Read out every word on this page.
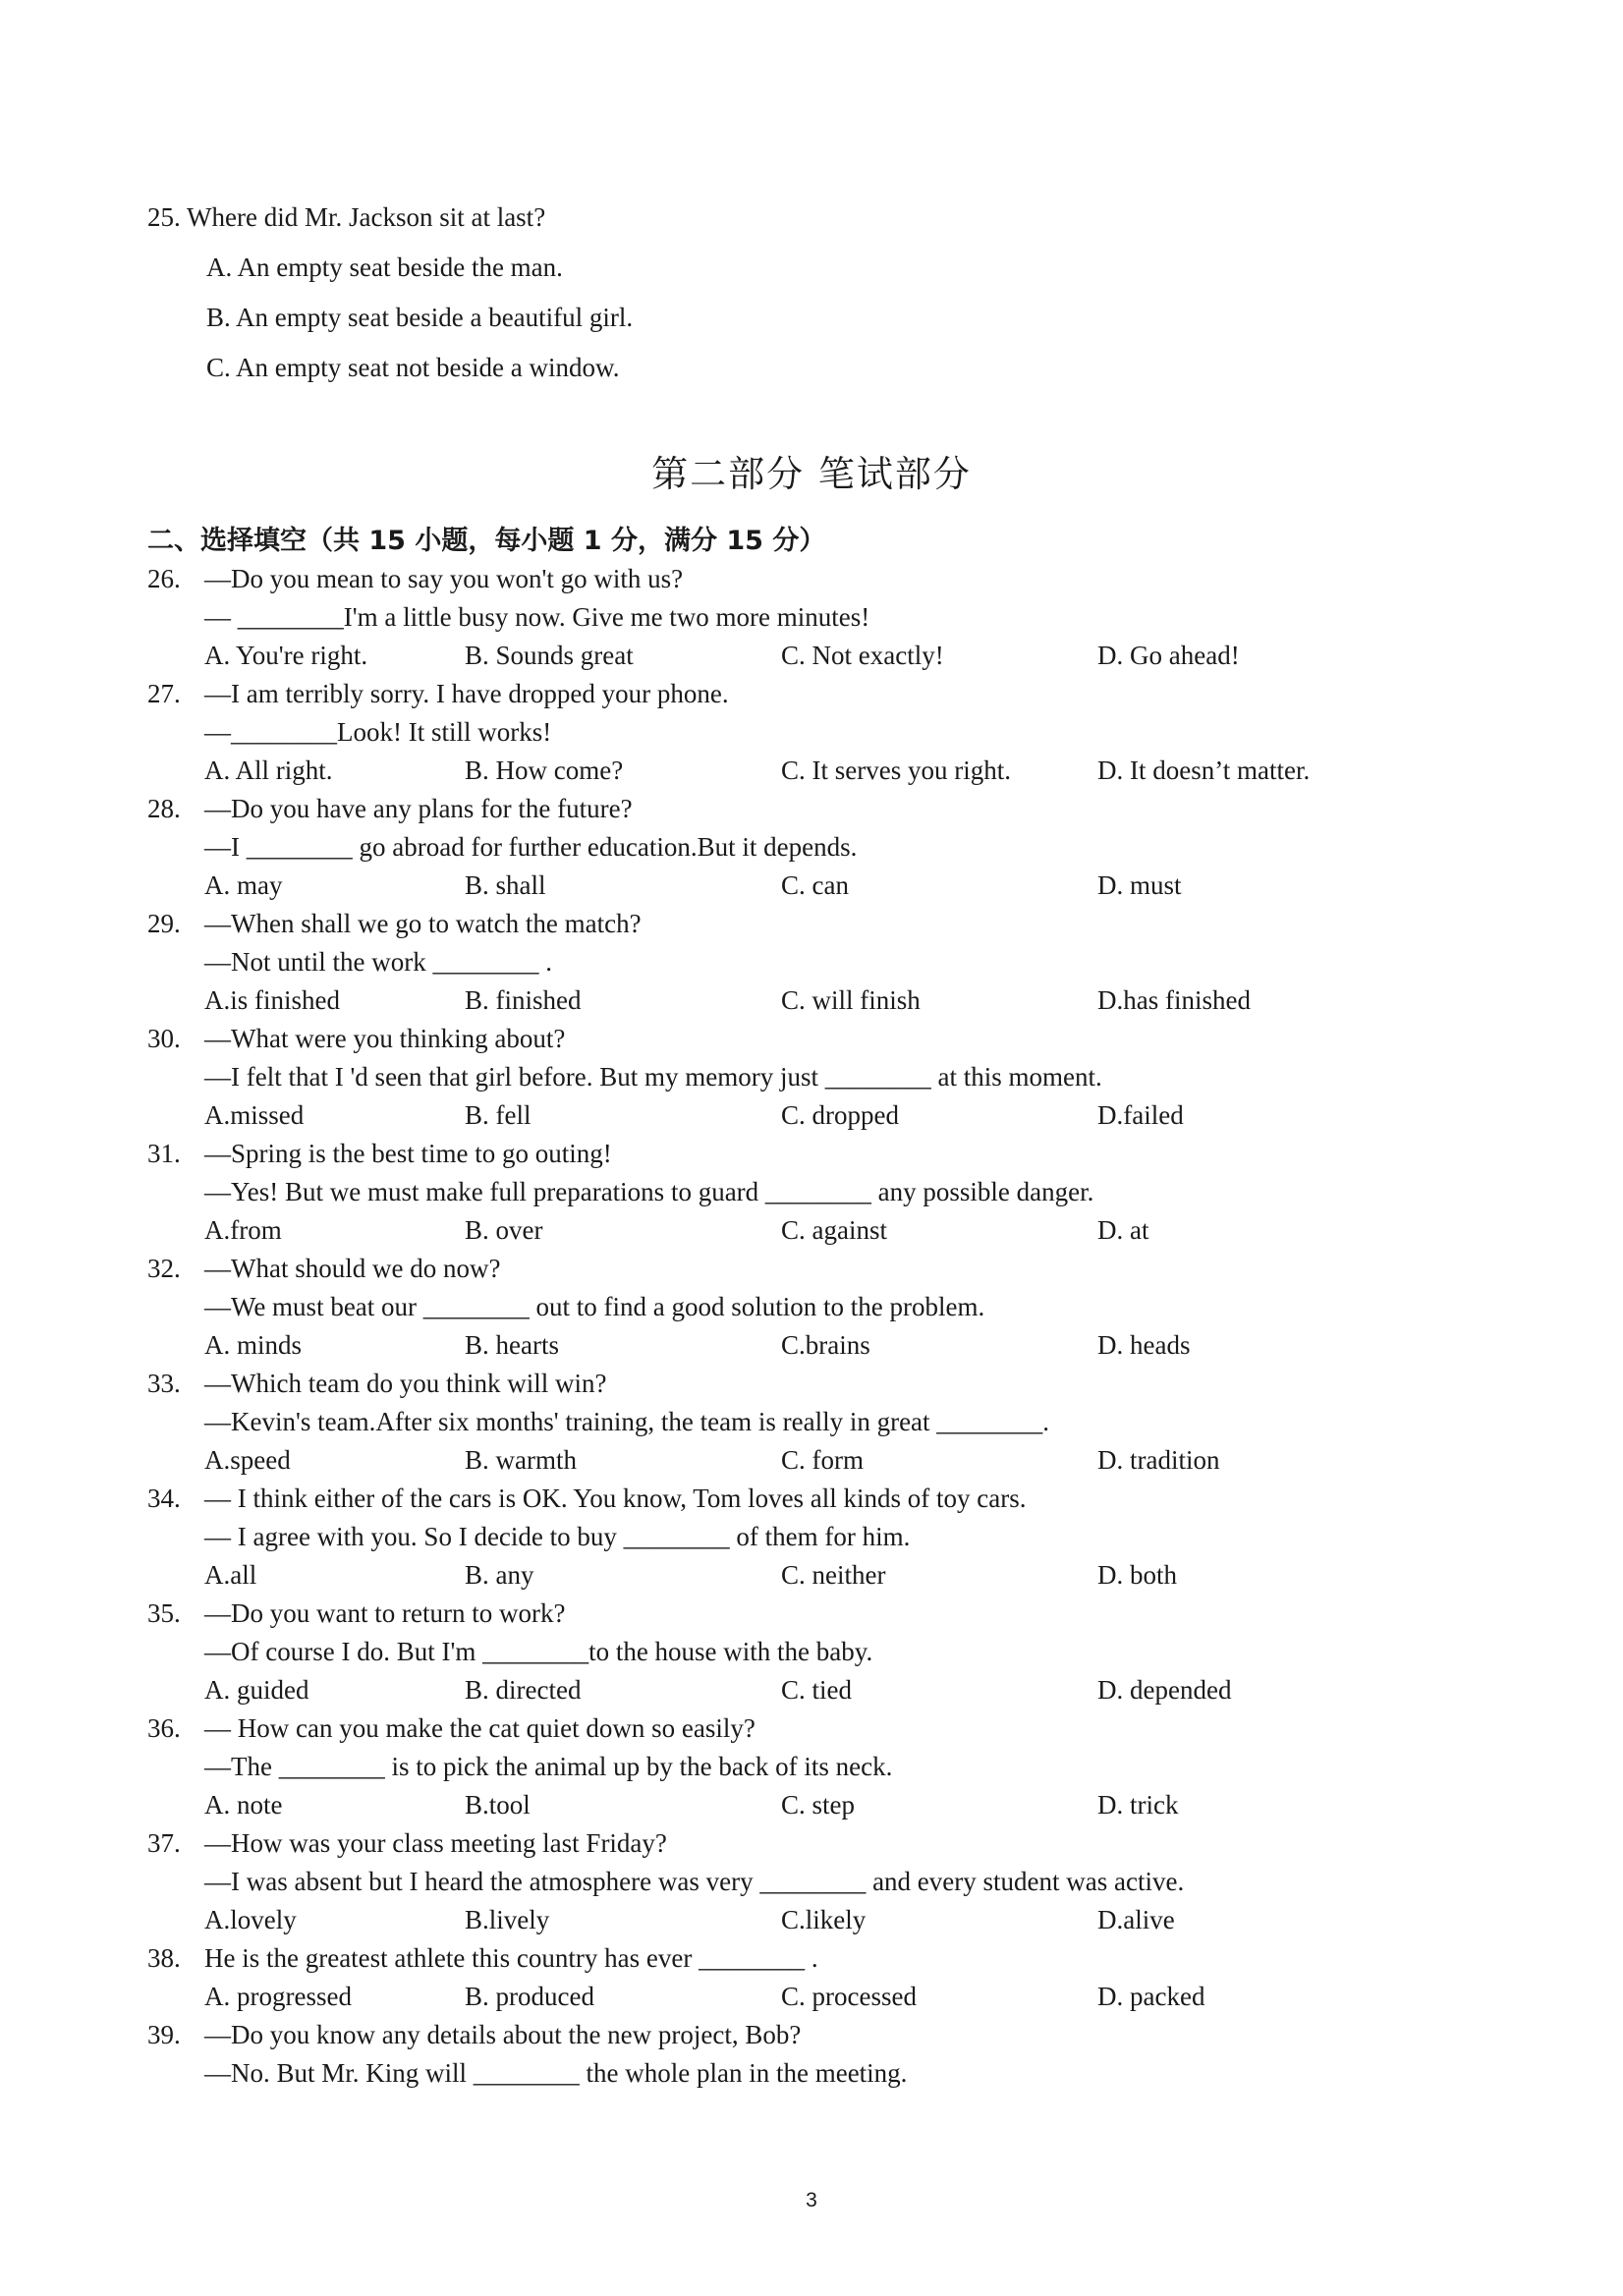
25. Where did Mr. Jackson sit at last?
A. An empty seat beside the man.
B. An empty seat beside a beautiful girl.
C. An empty seat not beside a window.
第二部分 笔试部分
二、选择填空（共 15 小题，每小题 1 分，满分 15 分）
26. —Do you mean to say you won't go with us?
— ________I'm a little busy now. Give me two more minutes!
A. You're right.	B. Sounds great	C. Not exactly!	D. Go ahead!
27. —I am terribly sorry. I have dropped your phone.
—________Look! It still works!
A. All right.	B. How come?	C. It serves you right.	D. It doesn’t matter.
28. —Do you have any plans for the future?
—I ________ go abroad for further education.But it depends.
A. may	B. shall	C. can	D. must
29. —When shall we go to watch the match?
—Not until the work ________ .
A.is finished	B. finished	C. will finish	D.has finished
30. —What were you thinking about?
—I felt that I 'd seen that girl before. But my memory just ________ at this moment.
A.missed	B. fell	C. dropped	D.failed
31. —Spring is the best time to go outing!
—Yes! But we must make full preparations to guard ________ any possible danger.
A.from	B. over	C. against	D. at
32. —What should we do now?
—We must beat our ________ out to find a good solution to the problem.
A. minds	B. hearts	C.brains	D. heads
33. —Which team do you think will win?
—Kevin's team.After six months' training, the team is really in great ________.
A.speed	B. warmth	C. form	D. tradition
34. — I think either of the cars is OK. You know, Tom loves all kinds of toy cars.
— I agree with you. So I decide to buy ________ of them for him.
A.all	B. any	C. neither	D. both
35. —Do you want to return to work?
—Of course I do. But I'm ________to the house with the baby.
A. guided	B. directed	C. tied	D. depended
36. — How can you make the cat quiet down so easily?
—The ________ is to pick the animal up by the back of its neck.
A. note	B.tool	C. step	D. trick
37. —How was your class meeting last Friday?
—I was absent but I heard the atmosphere was very ________ and every student was active.
A.lovely	B.lively	C.likely	D.alive
38. He is the greatest athlete this country has ever ________ .
A. progressed	B. produced	C. processed	D. packed
39. —Do you know any details about the new project, Bob?
—No. But Mr. King will ________ the whole plan in the meeting.
3
